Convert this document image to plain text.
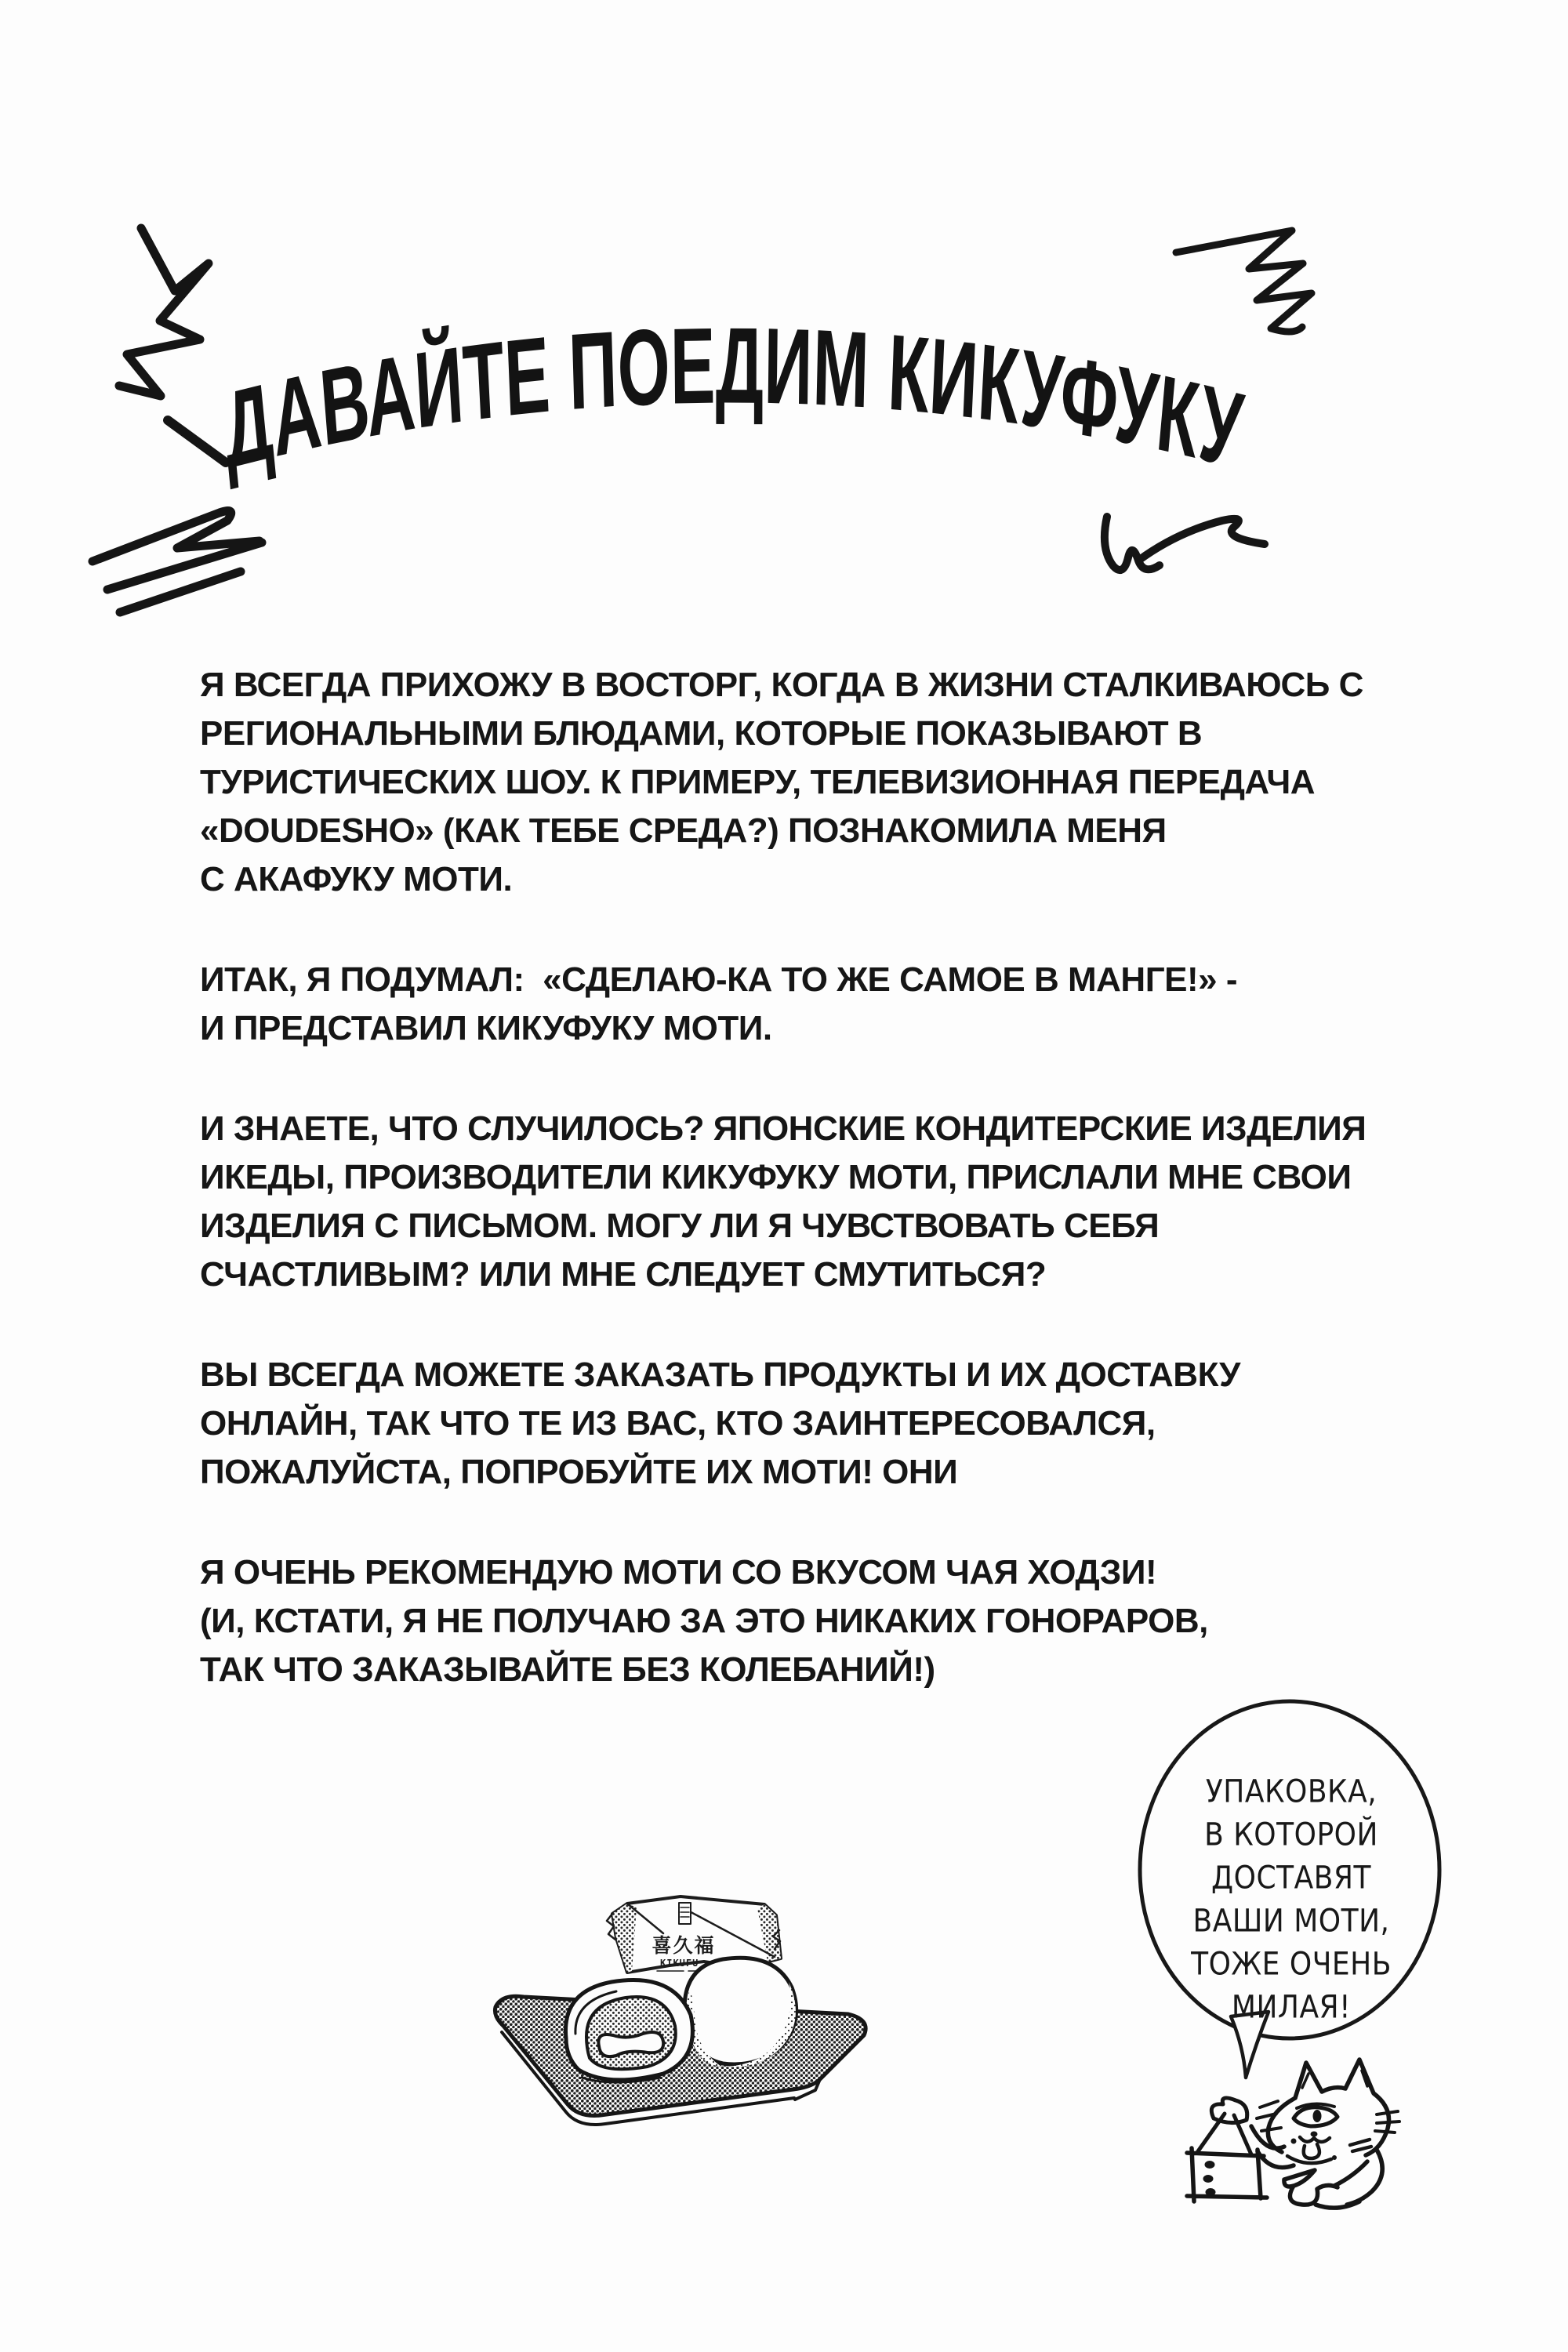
ДАВАЙТЕ ПОЕДИМ КИКУФУКУ
喜久福
KIKUFU

Я ВСЕГДА ПРИХОЖУ В ВОСТОРГ, КОГДА В ЖИЗНИ СТАЛКИВАЮСЬ С РЕГИОНАЛЬНЫМИ БЛЮДАМИ, КОТОРЫЕ ПОКАЗЫВАЮТ В ТУРИСТИЧЕСКИХ ШОУ. К ПРИМЕРУ, ТЕЛЕВИЗИОННАЯ ПЕРЕДАЧА «DOUDESHO» (КАК ТЕБЕ СРЕДА?) ПОЗНАКОМИЛА МЕНЯ С АКАФУКУ МОТИ.

ИТАК, Я ПОДУМАЛ:  «СДЕЛАЮ-КА ТО ЖЕ САМОЕ В МАНГЕ!» - И ПРЕДСТАВИЛ КИКУФУКУ МОТИ.

И ЗНАЕТЕ, ЧТО СЛУЧИЛОСЬ? ЯПОНСКИЕ КОНДИТЕРСКИЕ ИЗДЕЛИЯ ИКЕДЫ, ПРОИЗВОДИТЕЛИ КИКУФУКУ МОТИ, ПРИСЛАЛИ МНЕ СВОИ ИЗДЕЛИЯ С ПИСЬМОМ. МОГУ ЛИ Я ЧУВСТВОВАТЬ СЕБЯ СЧАСТЛИВЫМ? ИЛИ МНЕ СЛЕДУЕТ СМУТИТЬСЯ?

ВЫ ВСЕГДА МОЖЕТЕ ЗАКАЗАТЬ ПРОДУКТЫ И ИХ ДОСТАВКУ ОНЛАЙН, ТАК ЧТО ТЕ ИЗ ВАС, КТО ЗАИНТЕРЕСОВАЛСЯ, ПОЖАЛУЙСТА, ПОПРОБУЙТЕ ИХ МОТИ! ОНИ

Я ОЧЕНЬ РЕКОМЕНДУЮ МОТИ СО ВКУСОМ ЧАЯ ХОДЗИ! (И, КСТАТИ, Я НЕ ПОЛУЧАЮ ЗА ЭТО НИКАКИХ ГОНОРАРОВ, ТАК ЧТО ЗАКАЗЫВАЙТЕ БЕЗ КОЛЕБАНИЙ!)

УПАКОВКА,
В КОТОРОЙ
ДОСТАВЯТ
ВАШИ МОТИ,
ТОЖЕ ОЧЕНЬ
МИЛАЯ!
